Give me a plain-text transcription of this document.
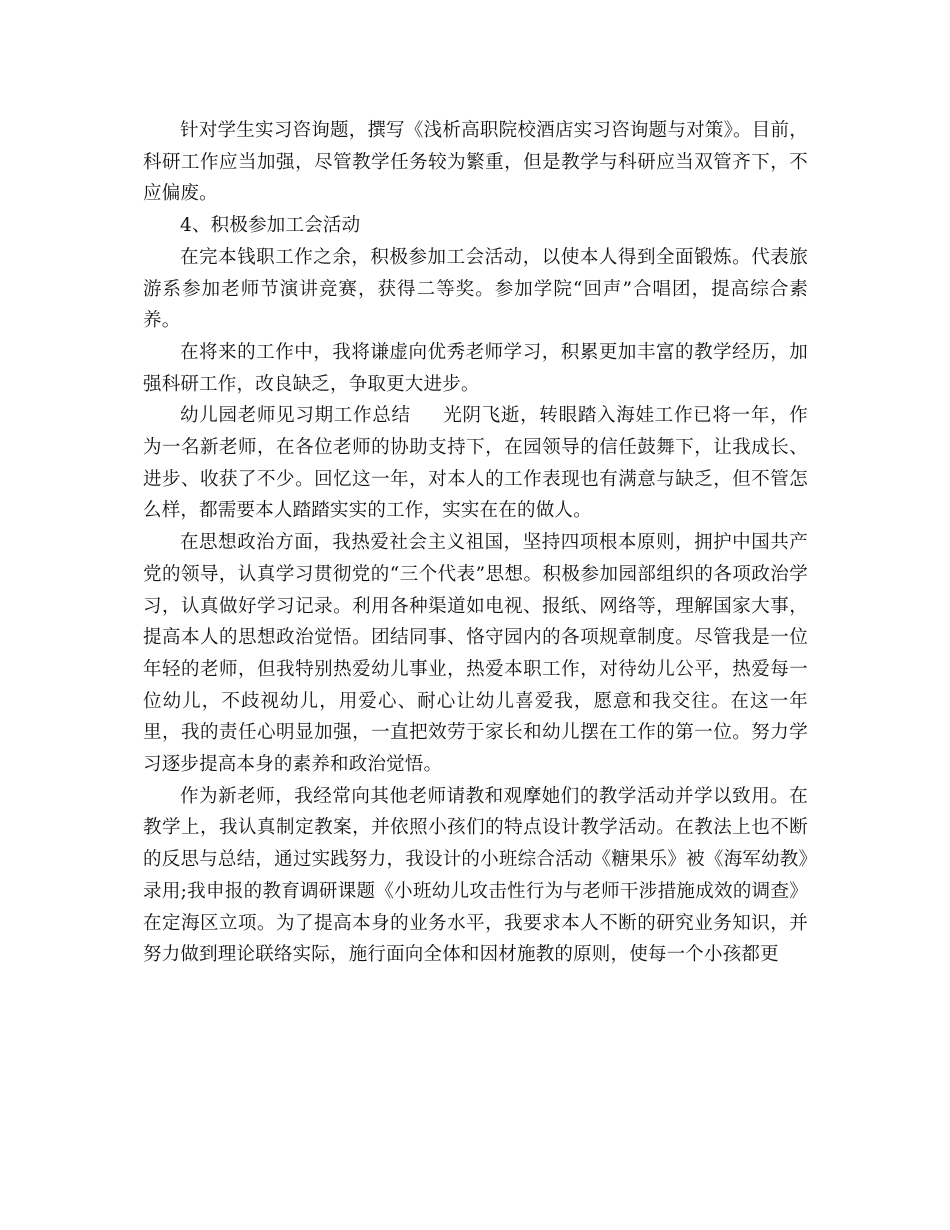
针对学生实习咨询题，撰写《浅析高职院校酒店实习咨询题与对策》。目前，科研工作应当加强，尽管教学任务较为繁重，但是教学与科研应当双管齐下，不应偏废。

4、积极参加工会活动

在完本钱职工作之余，积极参加工会活动，以使本人得到全面锻炼。代表旅游系参加老师节演讲竞赛，获得二等奖。参加学院“回声”合唱团，提高综合素养。

在将来的工作中，我将谦虚向优秀老师学习，积累更加丰富的教学经历，加强科研工作，改良缺乏，争取更大进步。

幼儿园老师见习期工作总结 光阴飞逝，转眼踏入海娃工作已将一年，作为一名新老师，在各位老师的协助支持下，在园领导的信任鼓舞下，让我成长、进步、收获了不少。回忆这一年，对本人的工作表现也有满意与缺乏，但不管怎么样，都需要本人踏踏实实的工作，实实在在的做人。

在思想政治方面，我热爱社会主义祖国，坚持四项根本原则，拥护中国共产党的领导，认真学习贯彻党的“三个代表”思想。积极参加园部组织的各项政治学习，认真做好学习记录。利用各种渠道如电视、报纸、网络等，理解国家大事，提高本人的思想政治觉悟。团结同事、恪守园内的各项规章制度。尽管我是一位年轻的老师，但我特别热爱幼儿事业，热爱本职工作，对待幼儿公平，热爱每一位幼儿，不歧视幼儿，用爱心、耐心让幼儿喜爱我，愿意和我交往。在这一年里，我的责任心明显加强，一直把效劳于家长和幼儿摆在工作的第一位。努力学习逐步提高本身的素养和政治觉悟。

作为新老师，我经常向其他老师请教和观摩她们的教学活动并学以致用。在教学上，我认真制定教案，并依照小孩们的特点设计教学活动。在教法上也不断的反思与总结，通过实践努力，我设计的小班综合活动《糖果乐》被《海军幼教》录用;我申报的教育调研课题《小班幼儿攻击性行为与老师干涉措施成效的调查》在定海区立项。为了提高本身的业务水平，我要求本人不断的研究业务知识，并努力做到理论联络实际，施行面向全体和因材施教的原则，使每一个小孩都更
